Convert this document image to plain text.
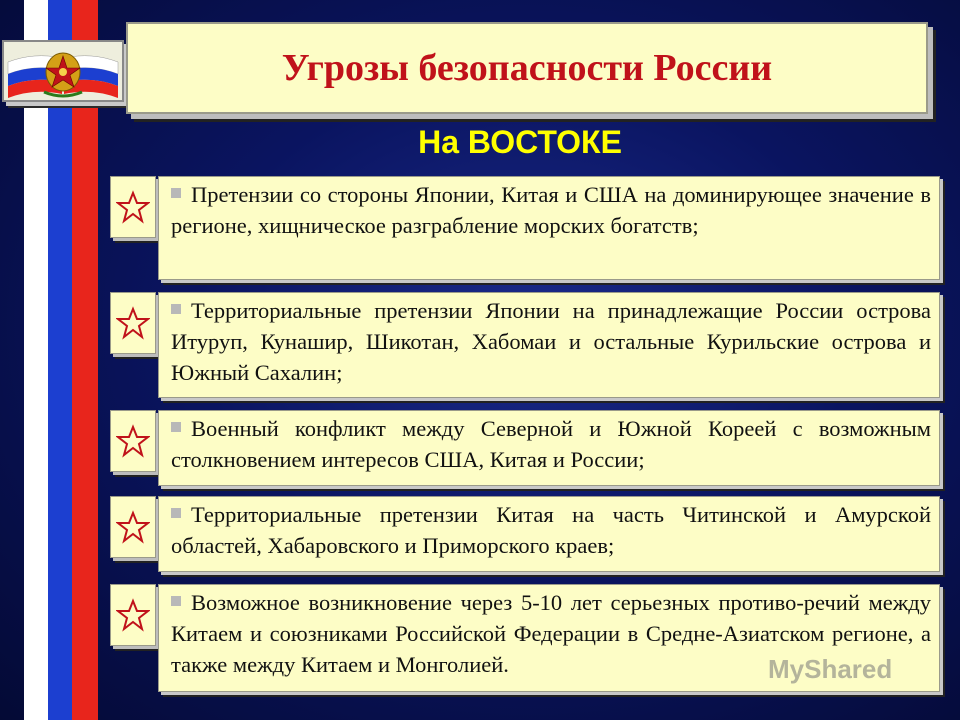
Угрозы безопасности России
На ВОСТОКЕ

Претензии со стороны Японии, Китая и США на доминирующее значение в регионе, хищническое разграбление морских богатств;

Территориальные претензии Японии на принадлежащие России острова Итуруп, Кунашир, Шикотан, Хабомаи и остальные Курильские острова и Южный Сахалин;

Военный конфликт между Северной и Южной Кореей с возможным столкновением интересов США, Китая и России;

Территориальные претензии Китая на часть Читинской и Амурской областей, Хабаровского и Приморского краев;

Возможное возникновение через 5-10 лет серьезных противо-речий между Китаем и союзниками Российской Федерации в Средне-Азиатском регионе, а также между Китаем и Монголией.	MyShared
